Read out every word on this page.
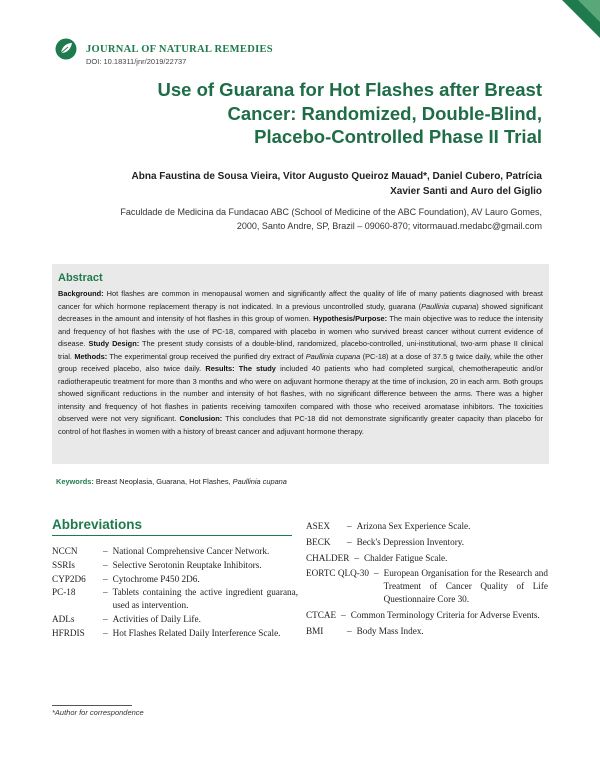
JOURNAL OF NATURAL REMEDIES
DOI: 10.18311/jnr/2019/22737
Use of Guarana for Hot Flashes after Breast
Cancer: Randomized, Double-Blind,
Placebo-Controlled Phase II Trial
Abna Faustina de Sousa Vieira, Vitor Augusto Queiroz Mauad*, Daniel Cubero, Patrícia
Xavier Santi and Auro del Giglio
Faculdade de Medicina da Fundacao ABC (School of Medicine of the ABC Foundation), AV Lauro Gomes,
2000, Santo Andre, SP, Brazil – 09060-870; vitormauad.medabc@gmail.com
Abstract
Background: Hot flashes are common in menopausal women and significantly affect the quality of life of many patients diagnosed with breast cancer for which hormone replacement therapy is not indicated. In a previous uncontrolled study, guarana (Paullinia cupana) showed significant decreases in the amount and intensity of hot flashes in this group of women. Hypothesis/Purpose: The main objective was to reduce the intensity and frequency of hot flashes with the use of PC-18, compared with placebo in women who survived breast cancer without current evidence of disease. Study Design: The present study consists of a double-blind, randomized, placebo-controlled, uni-institutional, two-arm phase II clinical trial. Methods: The experimental group received the purified dry extract of Paullinia cupana (PC-18) at a dose of 37.5 g twice daily, while the other group received placebo, also twice daily. Results: The study included 40 patients who had completed surgical, chemotherapeutic and/or radiotherapeutic treatment for more than 3 months and who were on adjuvant hormone therapy at the time of inclusion, 20 in each arm. Both groups showed significant reductions in the number and intensity of hot flashes, with no significant difference between the arms. There was a higher intensity and frequency of hot flashes in patients receiving tamoxifen compared with those who received aromatase inhibitors. The toxicities observed were not very significant. Conclusion: This concludes that PC-18 did not demonstrate significantly greater capacity than placebo for control of hot flashes in women with a history of breast cancer and adjuvant hormone therapy.
Keywords: Breast Neoplasia, Guarana, Hot Flashes, Paullinia cupana
Abbreviations
NCCN	– National Comprehensive Cancer Network.
SSRIs	– Selective Serotonin Reuptake Inhibitors.
CYP2D6	– Cytochrome P450 2D6.
PC-18	– Tablets containing the active ingredient guarana, used as intervention.
ADLs	– Activities of Daily Life.
HFRDIS	– Hot Flashes Related Daily Interference Scale.
ASEX	– Arizona Sex Experience Scale.
BECK	– Beck's Depression Inventory.
CHALDER – Chalder Fatigue Scale.
EORTC QLQ-30 – European Organisation for the Research and Treatment of Cancer Quality of Life Questionnaire Core 30.
CTCAE – Common Terminology Criteria for Adverse Events.
BMI	– Body Mass Index.
*Author for correspondence
